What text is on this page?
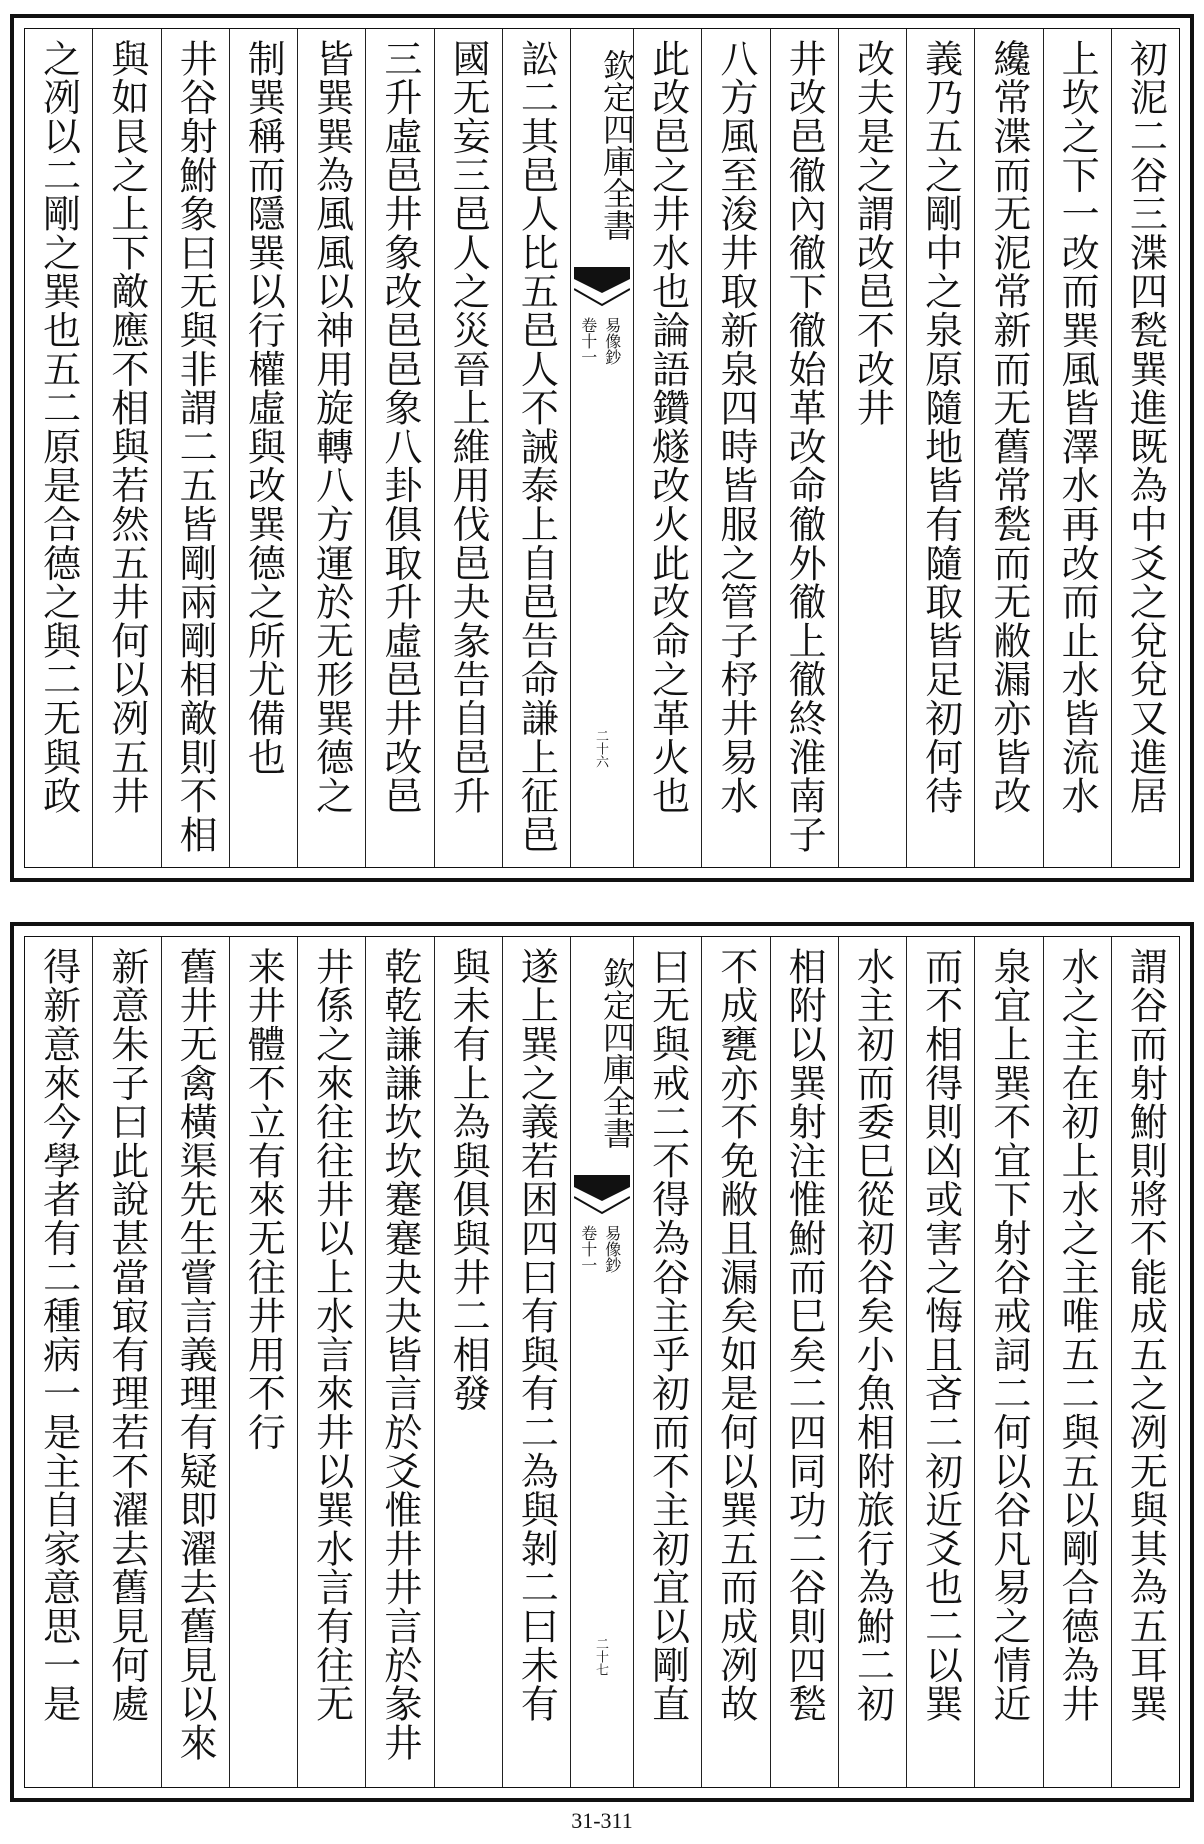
初泥二谷三渫四甃巽進既為中爻之兌兌又進居
上坎之下一改而巽風皆澤水再改而止水皆流水
纔常渫而无泥常新而无舊常甃而无敝漏亦皆改
義乃五之剛中之泉原隨地皆有隨取皆足初何待
改夫是之謂改邑不改井
井改邑徹內徹下徹始革改命徹外徹上徹終淮南子
八方風至浚井取新泉四時皆服之管子杼井易水
此改邑之井水也論語鑽燧改火此改命之革火也
欽定四庫全書
易像鈔
卷十一
二十六
訟二其邑人比五邑人不誡泰上自邑告命謙上征邑
國无妄三邑人之災晉上維用伐邑夬彖告自邑升
三升虛邑井象改邑邑象八卦俱取升虛邑井改邑
皆巽巽為風風以神用旋轉八方運於无形巽德之
制巽稱而隱巽以行權虛與改巽德之所尤備也
井谷射鮒象曰无與非謂二五皆剛兩剛相敵則不相
與如艮之上下敵應不相與若然五井何以冽五井
之冽以二剛之巽也五二原是合德之與二无與政
謂谷而射鮒則將不能成五之冽无與其為五耳巽
水之主在初上水之主唯五二與五以剛合德為井
泉宜上巽不宜下射谷戒詞二何以谷凡易之情近
而不相得則凶或害之悔且吝二初近爻也二以巽
水主初而委巳從初谷矣小魚相附旅行為鮒二初
相附以巽射注惟鮒而巳矣二四同功二谷則四甃
不成甕亦不免敝且漏矣如是何以巽五而成冽故
曰无與戒二不得為谷主乎初而不主初宜以剛直
欽定四庫全書
易像鈔
卷十一
二十七
遂上巽之義若困四曰有與有二為與剝二曰未有
與未有上為與俱與井二相發
乾乾謙謙坎坎蹇蹇夬夬皆言於爻惟井井言於彖井
井係之來往往井以上水言來井以巽水言有往无
来井體不立有來无往井用不行
舊井无禽橫渠先生嘗言義理有疑即濯去舊見以來
新意朱子曰此說甚當㝡有理若不濯去舊見何處
得新意來今學者有二種病一是主自家意思一是
31-311
